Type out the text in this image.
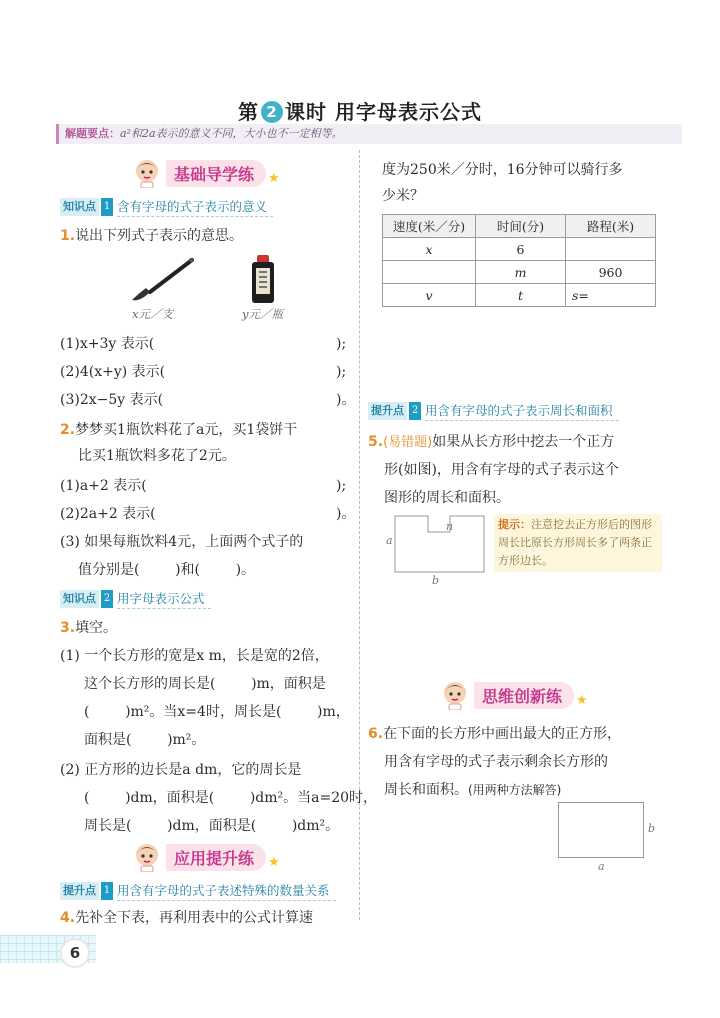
第 2 课时 用字母表示公式
解题要点：a²和2a表示的意义不同，大小也不一定相等。
基础导学练	★
知识点 1 含有字母的式子表示的意义
1.说出下列式子表示的意思。
x元／支	y元／瓶
(1)x+3y 表示(	);
(2)4(x+y) 表示(	);
(3)2x−5y 表示(	)。
2.梦梦买1瓶饮料花了a元，买1袋饼干
比买1瓶饮料多花了2元。
(1)a+2 表示(	);
(2)2a+2 表示(	)。
(3) 如果每瓶饮料4元，上面两个式子的
值分别是(        )和(        )。
知识点 2 用字母表示公式
3.填空。
(1) 一个长方形的宽是x m，长是宽的2倍，
这个长方形的周长是(        )m，面积是
(        )m²。当x=4时，周长是(        )m，
面积是(        )m²。
(2) 正方形的边长是a dm，它的周长是
(        )dm，面积是(        )dm²。当a=20时，
周长是(        )dm，面积是(        )dm²。
应用提升练	★
提升点 1 用含有字母的式子表述特殊的数量关系
4.先补全下表，再利用表中的公式计算速
度为250米／分时，16分钟可以骑行多
少米？
速度(米／分)	时间(分)	路程(米)
x	6	
	m	960
v	t	s=
提升点 2 用含有字母的式子表示周长和面积
5.(易错题)如果从长方形中挖去一个正方
形(如图)，用含有字母的式子表示这个
图形的周长和面积。
a
b
n	提示：注意挖去正方形后的图形周长比原长方形周长多了两条正方形边长。
思维创新练	★
6.在下面的长方形中画出最大的正方形，
用含有字母的式子表示剩余长方形的
周长和面积。(用两种方法解答)
b
a
6
